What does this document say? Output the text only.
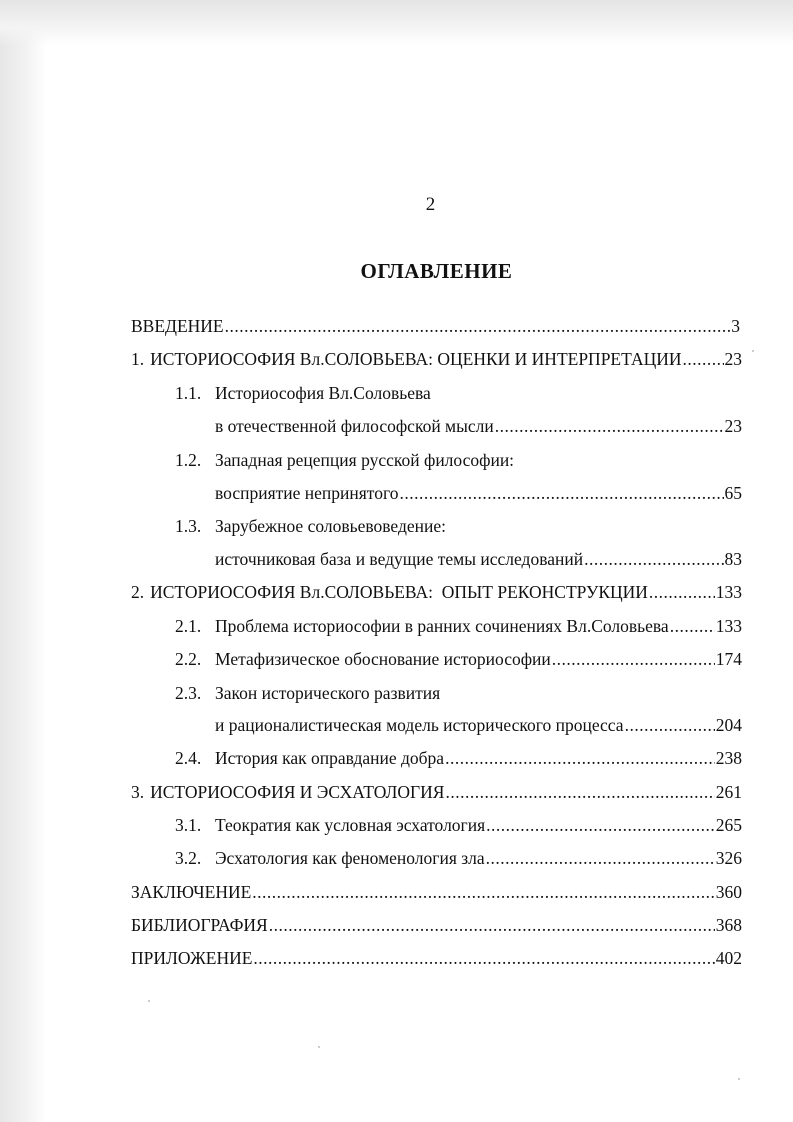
2
ОГЛАВЛЕНИЕ
ВВЕДЕНИЕ .....	3
1. ИСТОРИОСОФИЯ Вл.СОЛОВЬЕВА: ОЦЕНКИ И ИНТЕРПРЕТАЦИИ ..... 23
1.1. Историософия Вл.Соловьева
в отечественной философской мысли .....	23
1.2. Западная рецепция русской философии:
восприятие непринятого .....	65
1.3. Зарубежное соловьевоведение:
источниковая база и ведущие темы исследований .....	83
2. ИСТОРИОСОФИЯ Вл.СОЛОВЬЕВА:  ОПЫТ РЕКОНСТРУКЦИИ .....	133
2.1. Проблема историософии в ранних сочинениях Вл.Соловьева .....	133
2.2. Метафизическое обоснование историософии .....	174
2.3. Закон исторического развития
и рационалистическая модель исторического процесса .....	204
2.4. История как оправдание добра .....	238
3. ИСТОРИОСОФИЯ И ЭСХАТОЛОГИЯ .....	261
3.1. Теократия как условная эсхатология .....	265
3.2. Эсхатология как феноменология зла .....	326
ЗАКЛЮЧЕНИЕ .....	360
БИБЛИОГРАФИЯ .....	368
ПРИЛОЖЕНИЕ .....	402
